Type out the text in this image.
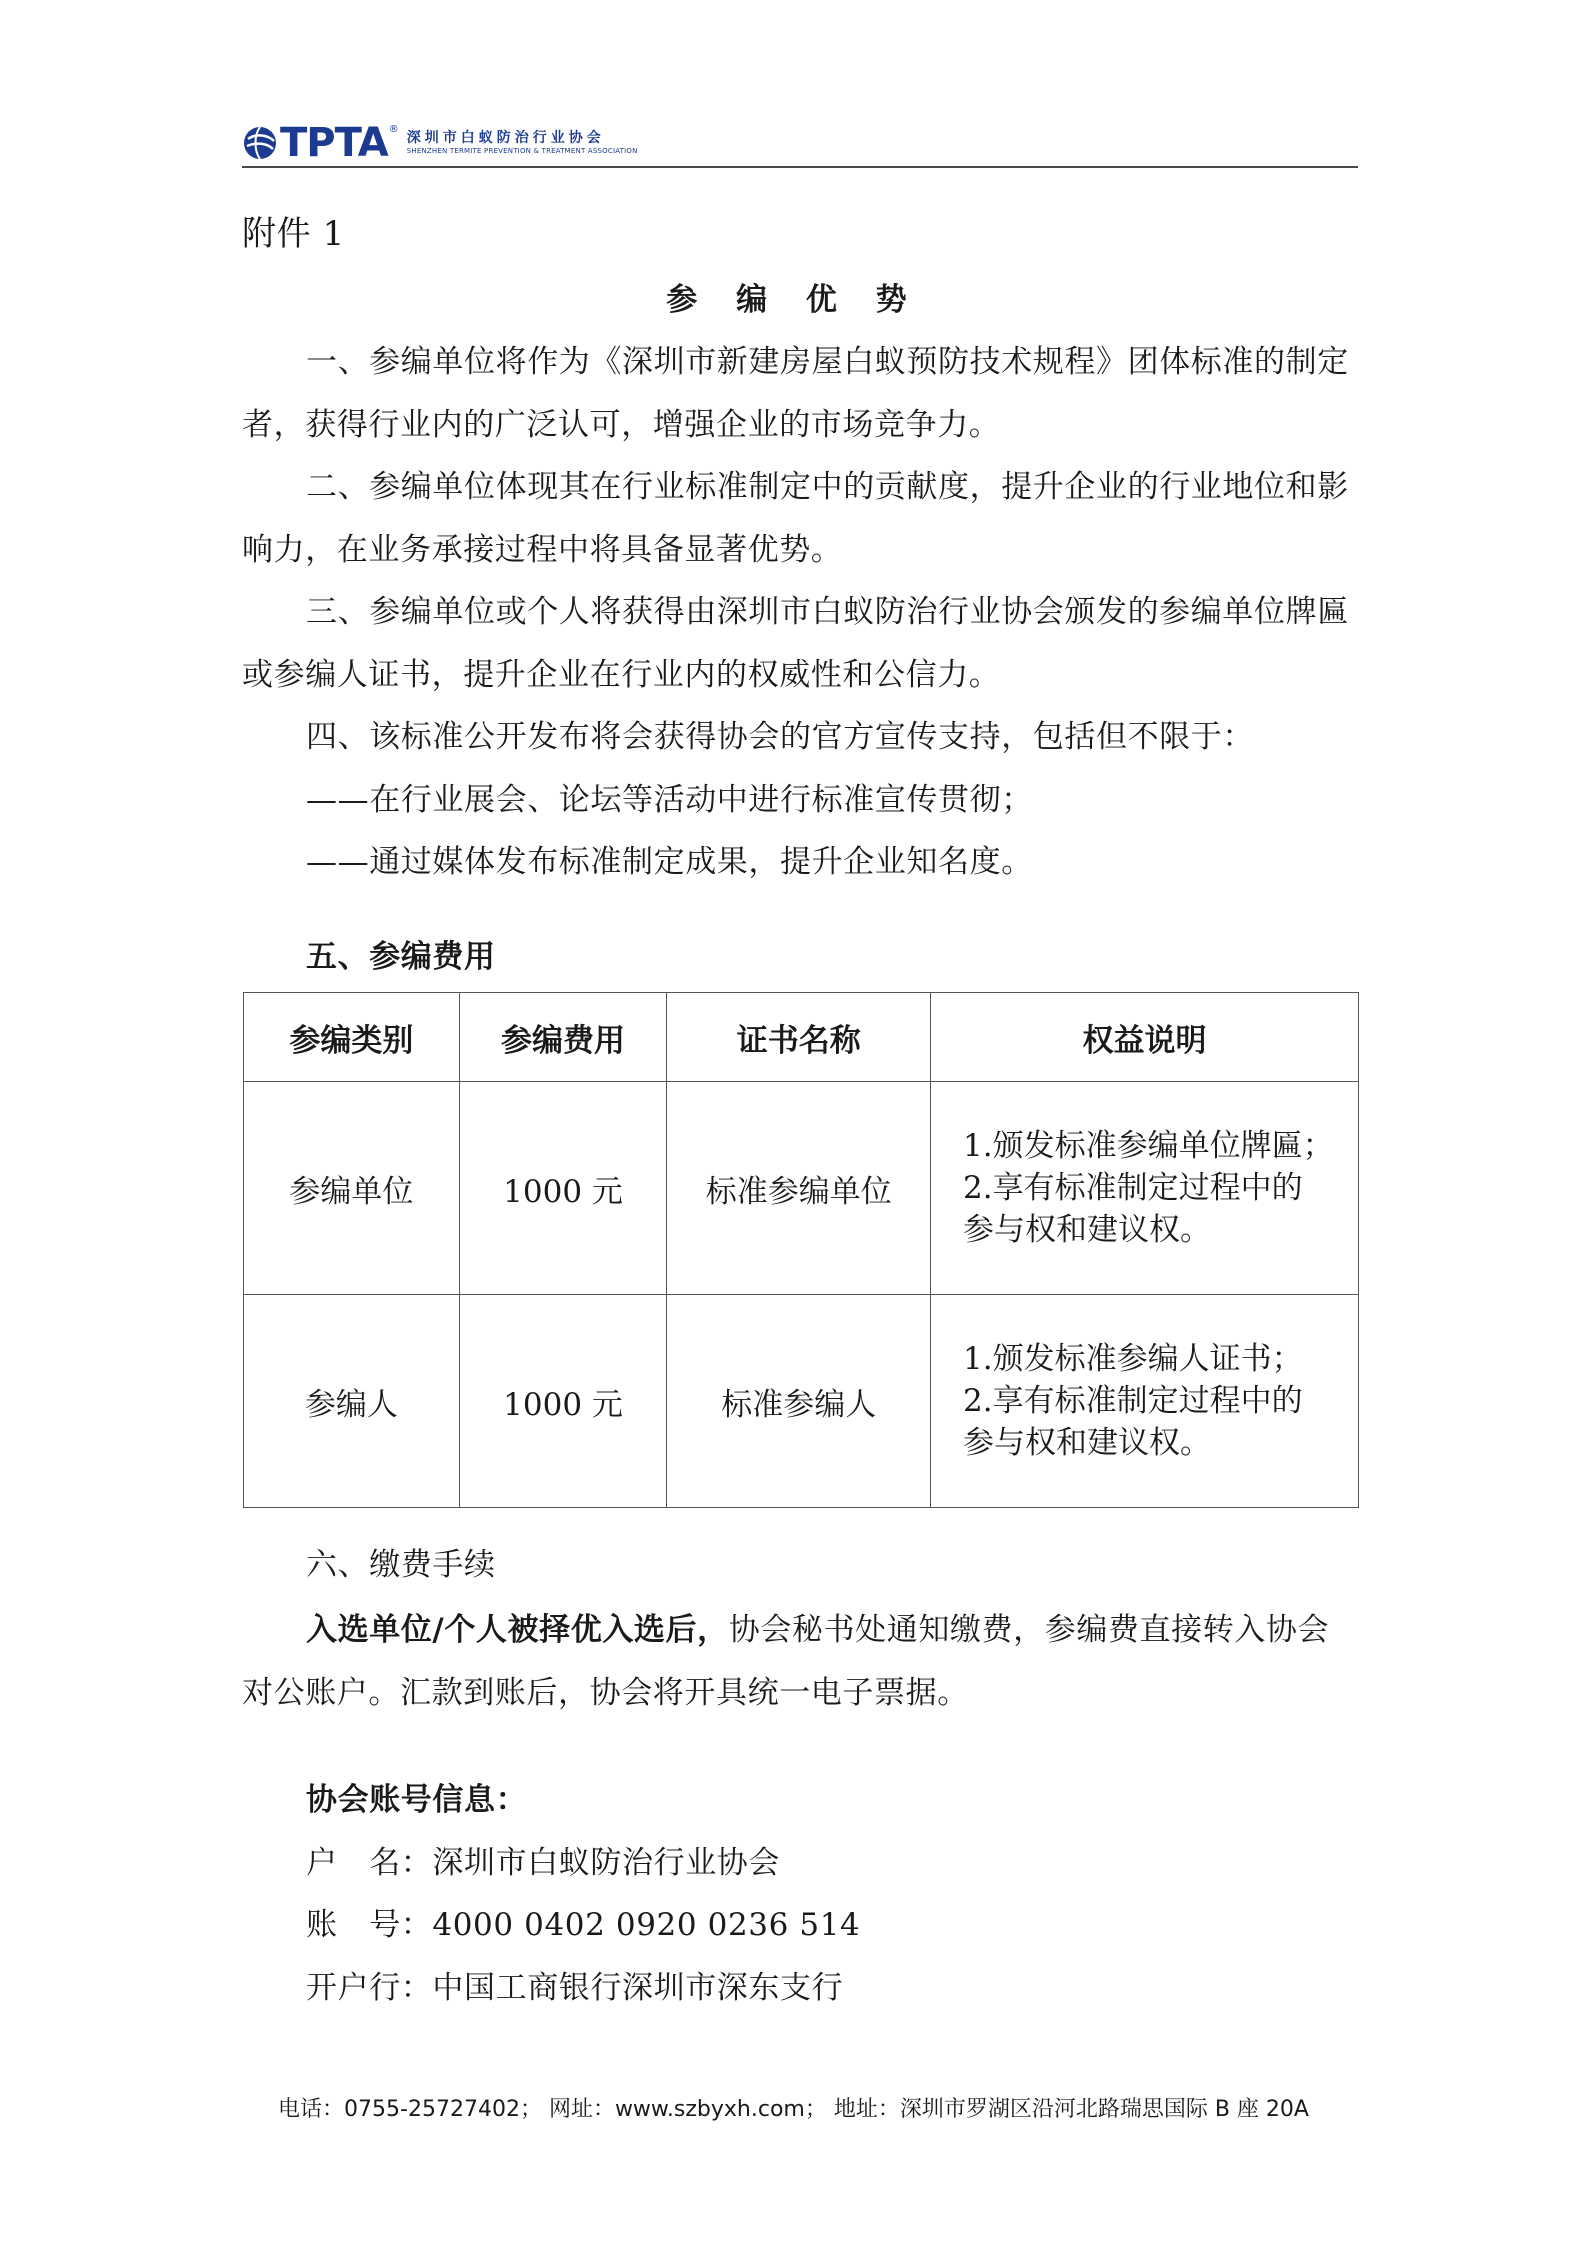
TPTA ®
深圳市白蚁防治行业协会
SHENZHEN TERMITE PREVENTION & TREATMENT ASSOCIATION
附件 1
参 编 优 势
一、参编单位将作为《深圳市新建房屋白蚁预防技术规程》团体标准的制定
者，获得行业内的广泛认可，增强企业的市场竞争力。
二、参编单位体现其在行业标准制定中的贡献度，提升企业的行业地位和影
响力，在业务承接过程中将具备显著优势。
三、参编单位或个人将获得由深圳市白蚁防治行业协会颁发的参编单位牌匾
或参编人证书，提升企业在行业内的权威性和公信力。
四、该标准公开发布将会获得协会的官方宣传支持，包括但不限于：
——在行业展会、论坛等活动中进行标准宣传贯彻；
——通过媒体发布标准制定成果，提升企业知名度。
五、参编费用
参编类别	参编费用	证书名称	权益说明
参编单位	1000 元	标准参编单位	1.颁发标准参编单位牌匾；
2.享有标准制定过程中的
参与权和建议权。

参编人	1000 元	标准参编人	1.颁发标准参编人证书；
2.享有标准制定过程中的
参与权和建议权。
六、缴费手续
入选单位/个人被择优入选后，协会秘书处通知缴费，参编费直接转入协会
对公账户。汇款到账后，协会将开具统一电子票据。
协会账号信息：
户　名：深圳市白蚁防治行业协会
账　号：4000 0402 0920 0236 514
开户行：中国工商银行深圳市深东支行
电话：0755-25727402； 网址：www.szbyxh.com； 地址：深圳市罗湖区沿河北路瑞思国际 B 座 20A
